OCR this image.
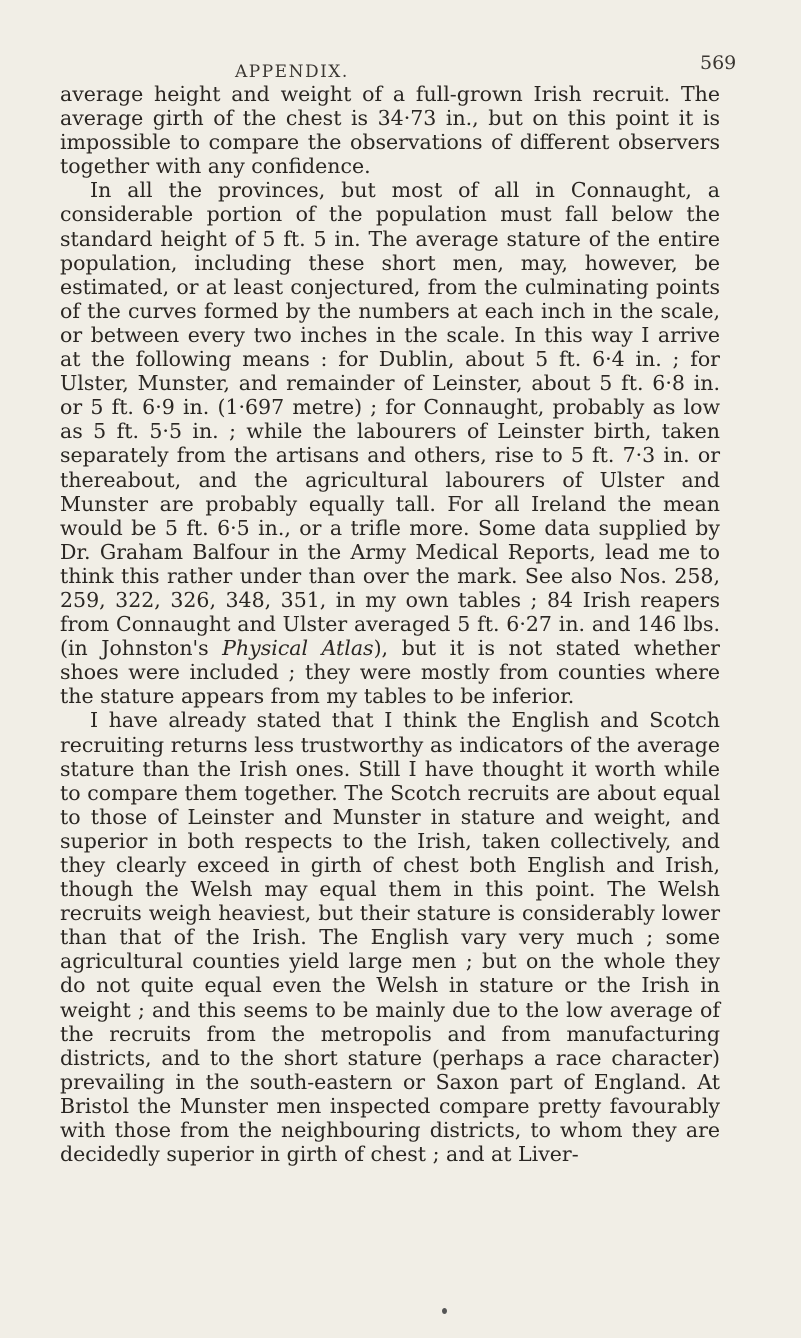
APPENDIX.	569

average height and weight of a full-grown Irish recruit. The average girth of the chest is 34·73 in., but on this point it is impossible to compare the observations of different observers together with any confidence.

In all the provinces, but most of all in Connaught, a considerable portion of the population must fall below the standard height of 5 ft. 5 in. The average stature of the entire population, including these short men, may, however, be estimated, or at least conjectured, from the culminating points of the curves formed by the numbers at each inch in the scale, or between every two inches in the scale. In this way I arrive at the following means : for Dublin, about 5 ft. 6·4 in. ; for Ulster, Munster, and remainder of Leinster, about 5 ft. 6·8 in. or 5 ft. 6·9 in. (1·697 metre) ; for Connaught, probably as low as 5 ft. 5·5 in. ; while the labourers of Leinster birth, taken separately from the artisans and others, rise to 5 ft. 7·3 in. or thereabout, and the agricultural labourers of Ulster and Munster are probably equally tall. For all Ireland the mean would be 5 ft. 6·5 in., or a trifle more. Some data supplied by Dr. Graham Balfour in the Army Medical Reports, lead me to think this rather under than over the mark. See also Nos. 258, 259, 322, 326, 348, 351, in my own tables ; 84 Irish reapers from Connaught and Ulster averaged 5 ft. 6·27 in. and 146 lbs. (in Johnston's Physical Atlas), but it is not stated whether shoes were included ; they were mostly from counties where the stature appears from my tables to be inferior.

I have already stated that I think the English and Scotch recruiting returns less trustworthy as indicators of the average stature than the Irish ones. Still I have thought it worth while to compare them together. The Scotch recruits are about equal to those of Leinster and Munster in stature and weight, and superior in both respects to the Irish, taken collectively, and they clearly exceed in girth of chest both English and Irish, though the Welsh may equal them in this point. The Welsh recruits weigh heaviest, but their stature is considerably lower than that of the Irish. The English vary very much ; some agricultural counties yield large men ; but on the whole they do not quite equal even the Welsh in stature or the Irish in weight ; and this seems to be mainly due to the low average of the recruits from the metropolis and from manufacturing districts, and to the short stature (perhaps a race character) prevailing in the south-eastern or Saxon part of England. At Bristol the Munster men inspected compare pretty favourably with those from the neighbouring districts, to whom they are decidedly superior in girth of chest ; and at Liver-
